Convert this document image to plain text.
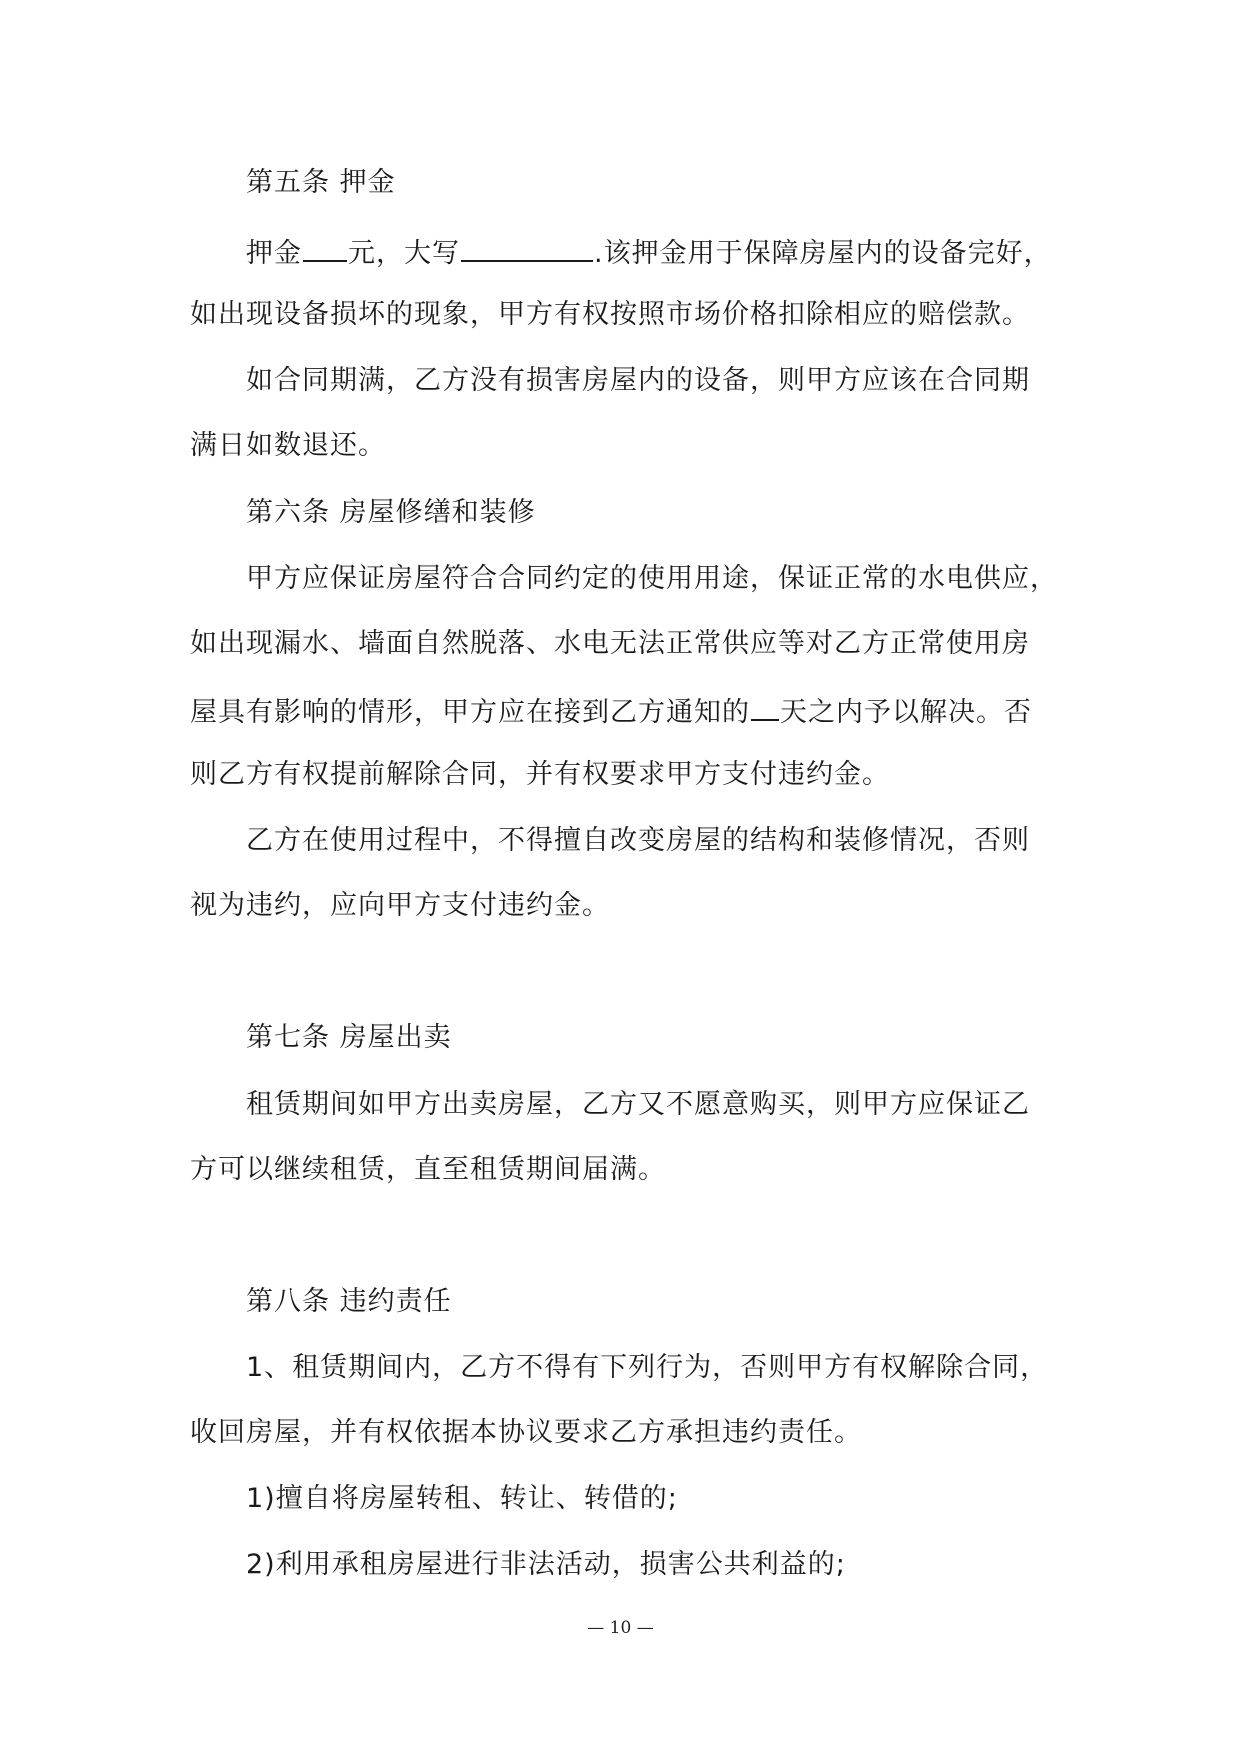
第五条 押金
押金 元，大写	.该押金用于保障房屋内的设备完好，
如出现设备损坏的现象，甲方有权按照市场价格扣除相应的赔偿款。
如合同期满，乙方没有损害房屋内的设备，则甲方应该在合同期
满日如数退还。
第六条 房屋修缮和装修
甲方应保证房屋符合合同约定的使用用途，保证正常的水电供应，
如出现漏水、墙面自然脱落、水电无法正常供应等对乙方正常使用房
屋具有影响的情形，甲方应在接到乙方通知的 天之内予以解决。否
则乙方有权提前解除合同，并有权要求甲方支付违约金。
乙方在使用过程中，不得擅自改变房屋的结构和装修情况，否则
视为违约，应向甲方支付违约金。
第七条 房屋出卖
租赁期间如甲方出卖房屋，乙方又不愿意购买，则甲方应保证乙
方可以继续租赁，直至租赁期间届满。
第八条 违约责任
1、租赁期间内，乙方不得有下列行为，否则甲方有权解除合同，
收回房屋，并有权依据本协议要求乙方承担违约责任。
1)擅自将房屋转租、转让、转借的;
2)利用承租房屋进行非法活动，损害公共利益的;
— 10 —
